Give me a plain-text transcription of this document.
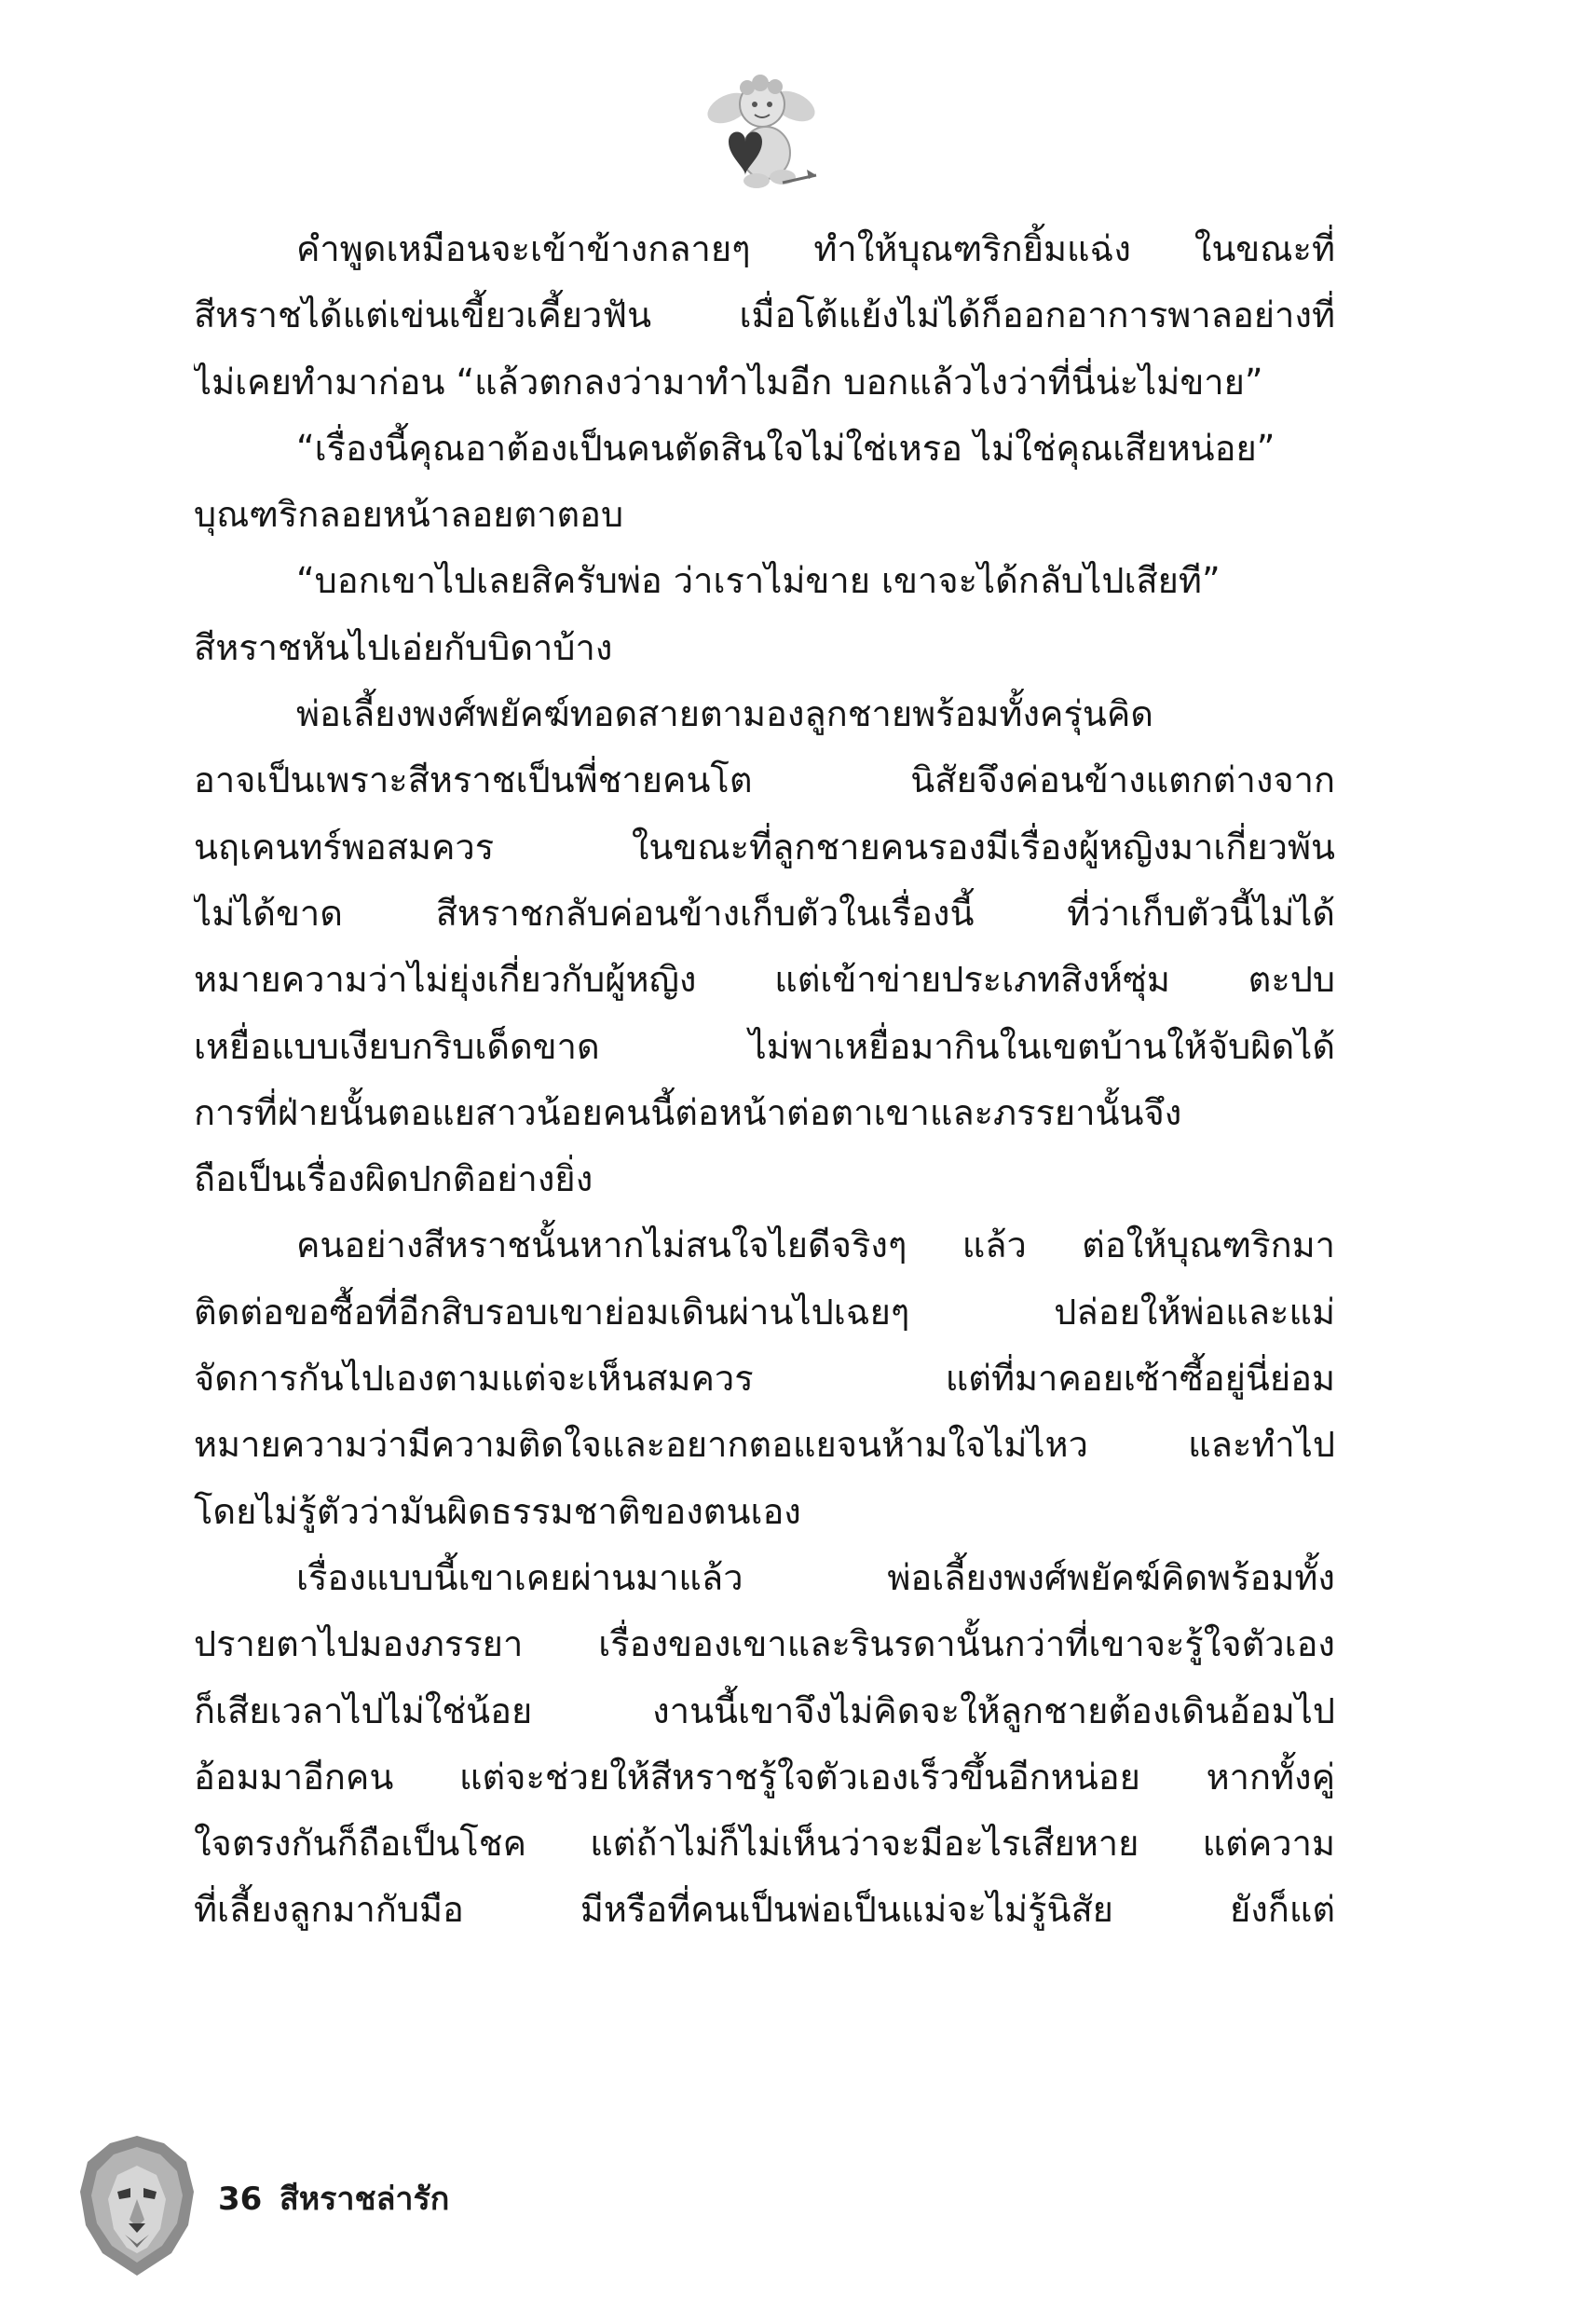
คำพูดเหมือนจะเข้าข้างกลายๆ ทำให้บุณฑริกยิ้มแฉ่ง ในขณะที่
สีหราชได้แต่เข่นเขี้ยวเคี้ยวฟัน เมื่อโต้แย้งไม่ได้ก็ออกอาการพาลอย่างที่
ไม่เคยทำมาก่อน “แล้วตกลงว่ามาทำไมอีก บอกแล้วไงว่าที่นี่น่ะไม่ขาย”
“เรื่องนี้คุณอาต้องเป็นคนตัดสินใจไม่ใช่เหรอ ไม่ใช่คุณเสียหน่อย”
บุณฑริกลอยหน้าลอยตาตอบ
“บอกเขาไปเลยสิครับพ่อ ว่าเราไม่ขาย เขาจะได้กลับไปเสียที”
สีหราชหันไปเอ่ยกับบิดาบ้าง
พ่อเลี้ยงพงศ์พยัคฆ์ทอดสายตามองลูกชายพร้อมทั้งครุ่นคิด
อาจเป็นเพราะสีหราชเป็นพี่ชายคนโต นิสัยจึงค่อนข้างแตกต่างจาก
นฤเคนทร์พอสมควร ในขณะที่ลูกชายคนรองมีเรื่องผู้หญิงมาเกี่ยวพัน
ไม่ได้ขาด สีหราชกลับค่อนข้างเก็บตัวในเรื่องนี้ ที่ว่าเก็บตัวนี้ไม่ได้
หมายความว่าไม่ยุ่งเกี่ยวกับผู้หญิง แต่เข้าข่ายประเภทสิงห์ซุ่ม ตะปบ
เหยื่อแบบเงียบกริบเด็ดขาด ไม่พาเหยื่อมากินในเขตบ้านให้จับผิดได้
การที่ฝ่ายนั้นตอแยสาวน้อยคนนี้ต่อหน้าต่อตาเขาและภรรยานั้นจึง
ถือเป็นเรื่องผิดปกติอย่างยิ่ง
คนอย่างสีหราชนั้นหากไม่สนใจไยดีจริงๆ แล้ว ต่อให้บุณฑริกมา
ติดต่อขอซื้อที่อีกสิบรอบเขาย่อมเดินผ่านไปเฉยๆ ปล่อยให้พ่อและแม่
จัดการกันไปเองตามแต่จะเห็นสมควร แต่ที่มาคอยเซ้าซี้อยู่นี่ย่อม
หมายความว่ามีความติดใจและอยากตอแยจนห้ามใจไม่ไหว และทำไป
โดยไม่รู้ตัวว่ามันผิดธรรมชาติของตนเอง
เรื่องแบบนี้เขาเคยผ่านมาแล้ว พ่อเลี้ยงพงศ์พยัคฆ์คิดพร้อมทั้ง
ปรายตาไปมองภรรยา เรื่องของเขาและรินรดานั้นกว่าที่เขาจะรู้ใจตัวเอง
ก็เสียเวลาไปไม่ใช่น้อย งานนี้เขาจึงไม่คิดจะให้ลูกชายต้องเดินอ้อมไป
อ้อมมาอีกคน แต่จะช่วยให้สีหราชรู้ใจตัวเองเร็วขึ้นอีกหน่อย หากทั้งคู่
ใจตรงกันก็ถือเป็นโชค แต่ถ้าไม่ก็ไม่เห็นว่าจะมีอะไรเสียหาย แต่ความ
ที่เลี้ยงลูกมากับมือ มีหรือที่คนเป็นพ่อเป็นแม่จะไม่รู้นิสัย ยังก็แต่
36 สีหราชล่ารัก
